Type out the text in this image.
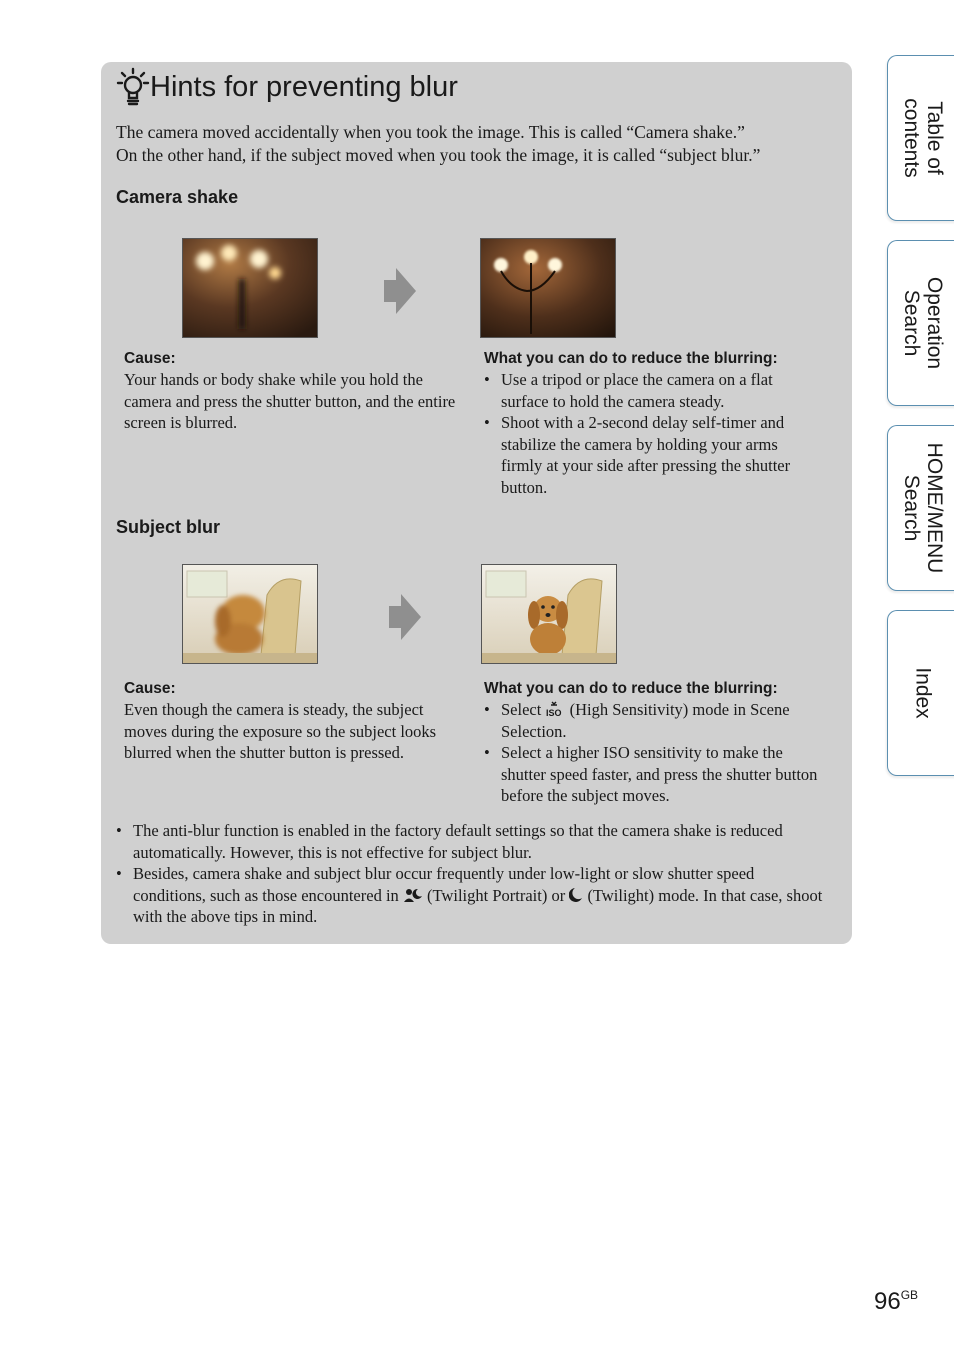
Hints for preventing blur

The camera moved accidentally when you took the image. This is called “Camera shake.”

On the other hand, if the subject moved when you took the image, it is called “subject blur.”

Camera shake
Cause:
Your hands or body shake while you hold the camera and press the shutter button, and the entire screen is blurred.
What you can do to reduce the blurring:
• Use a tripod or place the camera on a flat surface to hold the camera steady.
• Shoot with a 2-second delay self-timer and stabilize the camera by holding your arms firmly at your side after pressing the shutter button.
Subject blur
Cause:
Even though the camera is steady, the subject moves during the exposure so the subject looks blurred when the shutter button is pressed.
What you can do to reduce the blurring:
• Select ISO (High Sensitivity) mode in Scene Selection.
• Select a higher ISO sensitivity to make the shutter speed faster, and press the shutter button before the subject moves.
• The anti-blur function is enabled in the factory default settings so that the camera shake is reduced automatically. However, this is not effective for subject blur.
• Besides, camera shake and subject blur occur frequently under low-light or slow shutter speed conditions, such as those encountered in (Twilight Portrait) or (Twilight) mode. In that case, shoot with the above tips in mind.
Table of
contents
Operation
Search
HOME/MENU
Search
Index
$96^{GB}$
